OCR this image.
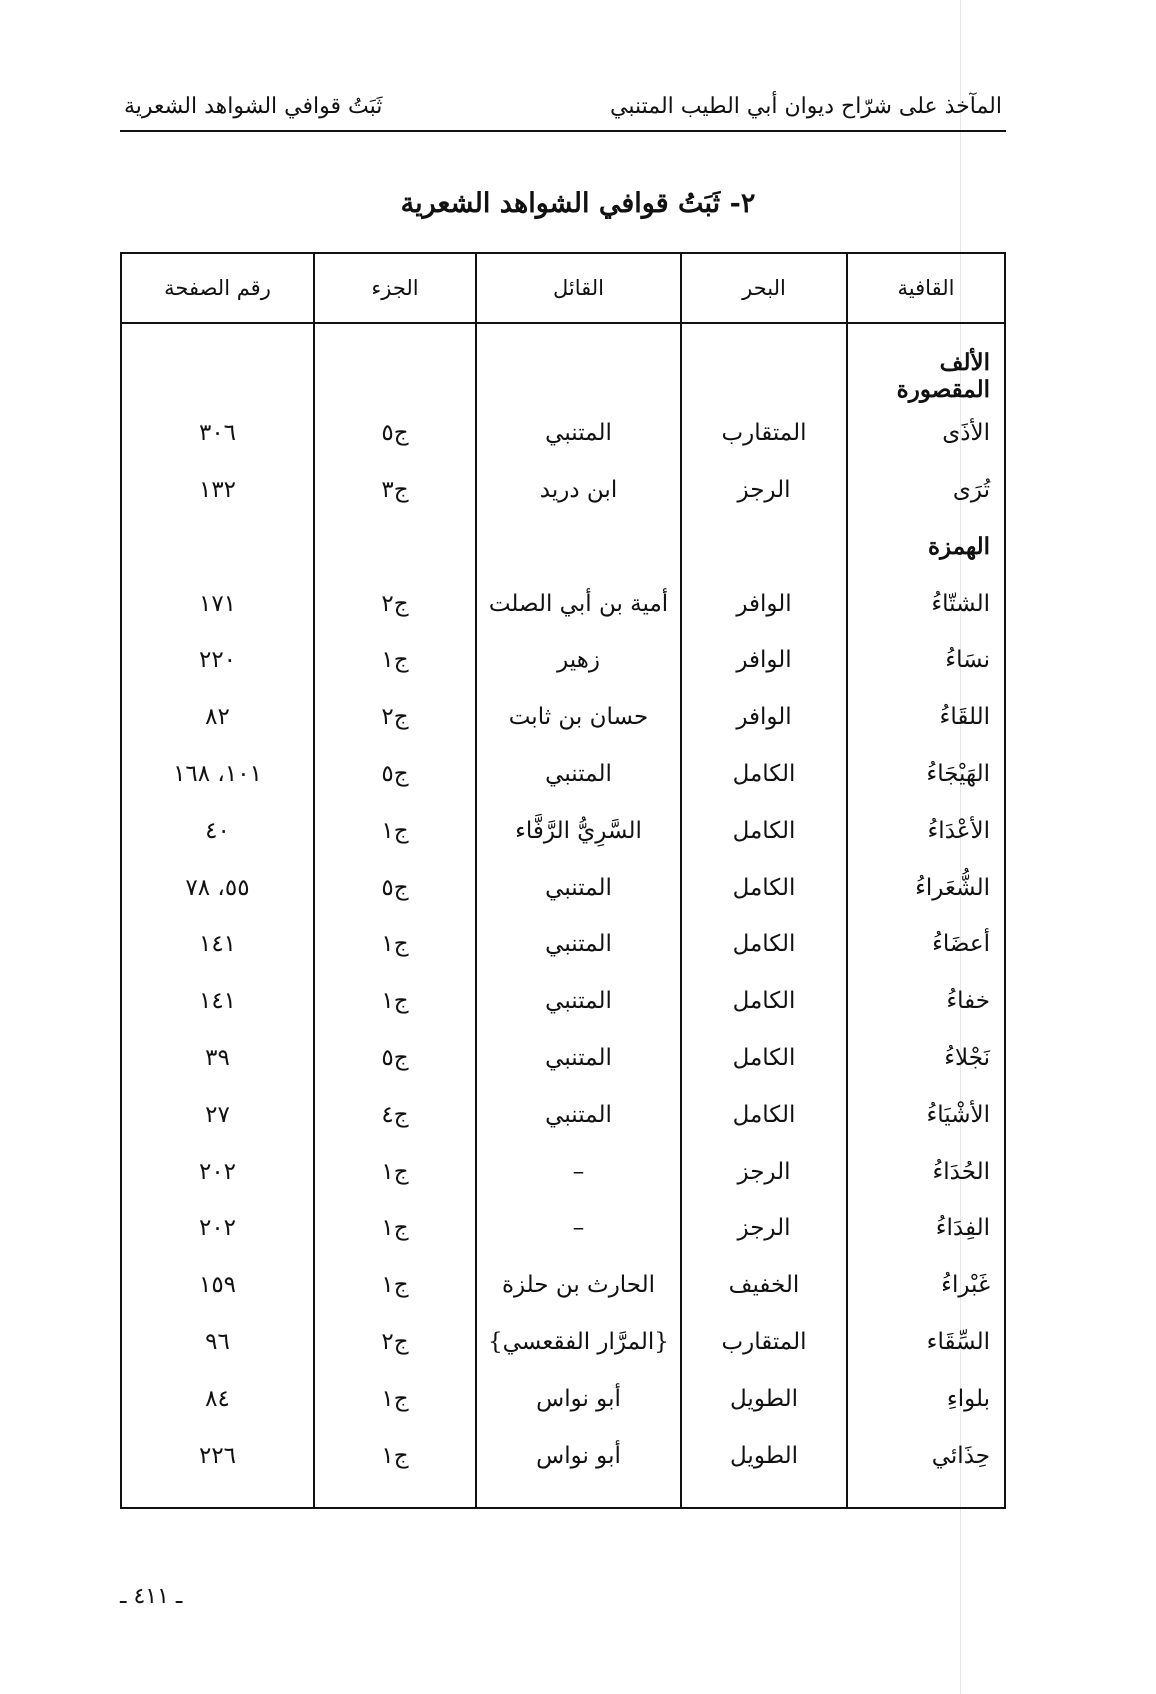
المآخذ على شرّاح ديوان أبي الطيب المتنبي
ثَبَتُ قوافي الشواهد الشعرية
٢- ثَبَتُ قوافي الشواهد الشعرية
القافية	البحر	القائل	الجزء	رقم الصفحة

الألف المقصورة				
الأذَى	المتقارب	المتنبي	ج٥	٣٠٦
تُرَى	الرجز	ابن دريد	ج٣	١٣٢
الهمزة				
الشتّاءُ	الوافر	أمية بن أبي الصلت	ج٢	١٧١
نسَاءُ	الوافر	زهير	ج١	٢٢٠
اللقَاءُ	الوافر	حسان بن ثابت	ج٢	٨٢
الهَيْجَاءُ	الكامل	المتنبي	ج٥	١٠١، ١٦٨
الأعْدَاءُ	الكامل	السَّرِيُّ الرَّفَّاء	ج١	٤٠
الشُّعَراءُ	الكامل	المتنبي	ج٥	٥٥، ٧٨
أعضَاءُ	الكامل	المتنبي	ج١	١٤١
خفاءُ	الكامل	المتنبي	ج١	١٤١
نَجْلاءُ	الكامل	المتنبي	ج٥	٣٩
الأشْيَاءُ	الكامل	المتنبي	ج٤	٢٧
الحُدَاءُ	الرجز	–	ج١	٢٠٢
الفِدَاءُ	الرجز	–	ج١	٢٠٢
غَبْراءُ	الخفيف	الحارث بن حلزة	ج١	١٥٩
السِّقَاء	المتقارب	{المرَّار الفقعسي}	ج٢	٩٦
بلواءِ	الطويل	أبو نواس	ج١	٨٤
حِذَائي	الطويل	أبو نواس	ج١	٢٢٦

ـ ٤١١ ـ
